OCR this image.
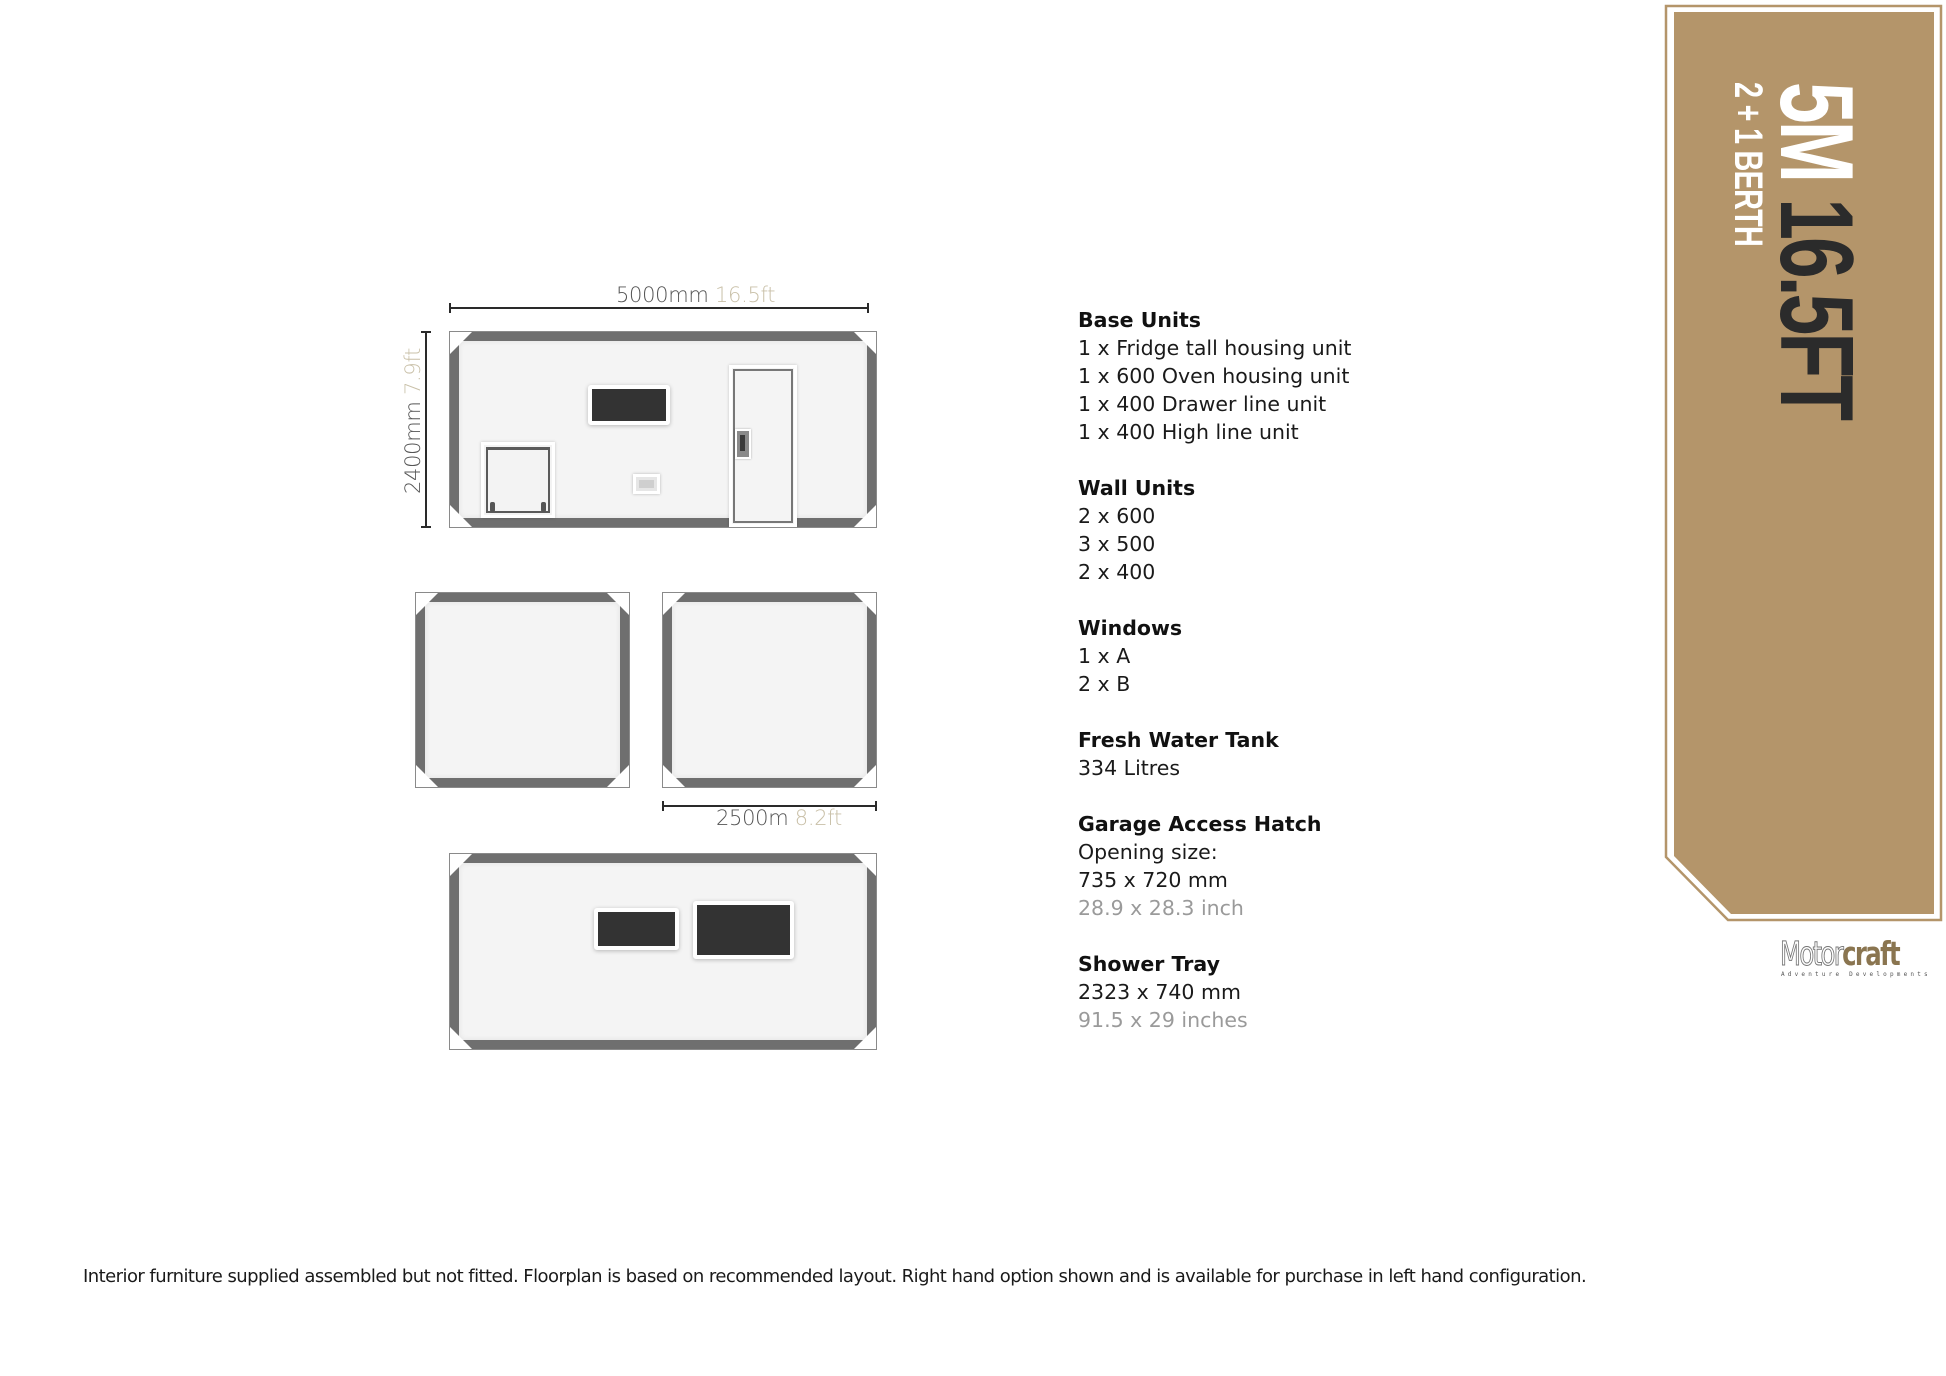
5000mm 16.5ft
2400mm 7.9ft
2500m 8.2ft
Base Units
1 x Fridge tall housing unit
1 x 600 Oven housing unit
1 x 400 Drawer line unit
1 x 400 High line unit
Wall Units
2 x 600
3 x 500
2 x 400
Windows
1 x A
2 x B
Fresh Water Tank
334 Litres
Garage Access Hatch
Opening size:
735 x 720 mm
28.9 x 28.3 inch
Shower Tray
2323 x 740 mm
91.5 x 29 inches
5M 16.5FT
2 + 1 BERTH
Motorcraft
Adventure Developments
Interior furniture supplied assembled but not fitted. Floorplan is based on recommended layout. Right hand option shown and is available for purchase in left hand configuration.
